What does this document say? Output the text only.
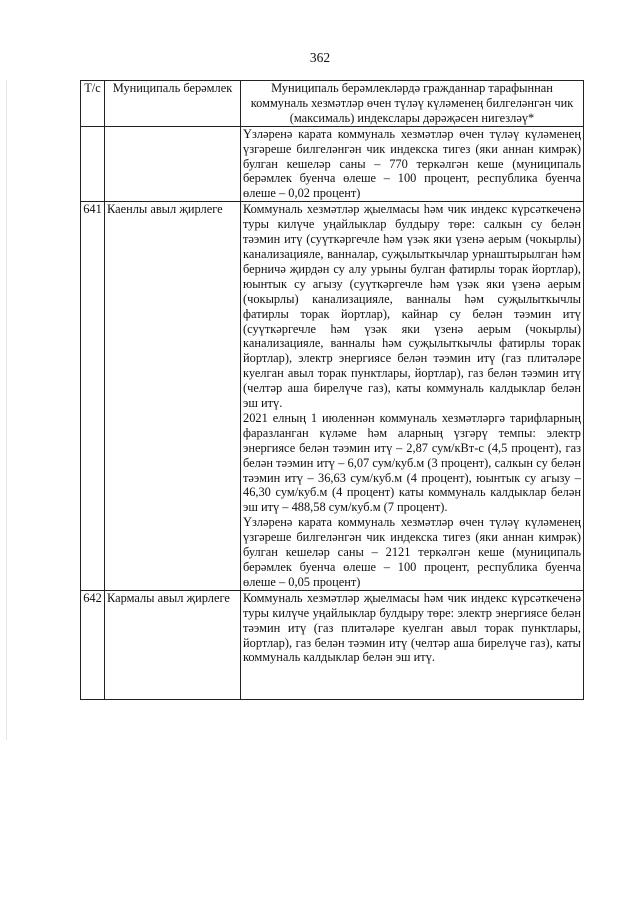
362
Т/с	Муниципаль берәмлек	Муниципаль берәмлекләрдә гражданнар тарафыннан коммуналь хезмәтләр өчен түләү күләменең билгеләнгән чик (максималь) индекслары дәрәҗәсен нигезләү*

		Үзләренә карата коммуналь хезмәтләр өчен түләү күләменең үзгәреше билгеләнгән чик индекска тигез (яки аннан кимрәк) булган кешеләр саны – 770 теркәлгән кеше (муниципаль берәмлек буенча өлеше – 100 процент, республика буенча өлеше – 0,02 процент)

641	Каенлы авыл җирлеге	Коммуналь хезмәтләр җыелмасы һәм чик индекс күрсәткеченә туры килүче уңайлыклар булдыру төре: салкын су белән тәэмин итү (суүткәргечле һәм үзәк яки үзенә аерым (чокырлы) канализацияле, ванналар, суҗылыткычлар урнаштырылган һәм берничә җирдән су алу урыны булган фатирлы торак йортлар), юынтык су агызу (суүткәргечле һәм үзәк яки үзенә аерым (чокырлы) канализацияле, ванналы һәм суҗылыткычлы фатирлы торак йортлар), кайнар су белән тәэмин итү (суүткәргечле һәм үзәк яки үзенә аерым (чокырлы) канализацияле, ванналы һәм суҗылыткычлы фатирлы торак йортлар), электр энергиясе белән тәэмин итү (газ плитәләре куелган авыл торак пунктлары, йортлар), газ белән тәэмин итү (челтәр аша бирелүче газ), каты коммуналь калдыклар белән эш итү.

2021 елның 1 июленнән коммуналь хезмәтләргә тарифларның фаразланган күләме һәм аларның үзгәрү темпы: электр энергиясе белән тәэмин итү – 2,87 сум/кВт-с (4,5 процент), газ белән тәэмин итү – 6,07 сум/куб.м (3 процент), салкын су белән тәэмин итү – 36,63 сум/куб.м (4 процент), юынтык су агызу – 46,30 сум/куб.м (4 процент) каты коммуналь калдыклар белән эш итү – 488,58 сум/куб.м (7 процент).

Үзләренә карата коммуналь хезмәтләр өчен түләү күләменең үзгәреше билгеләнгән чик индекска тигез (яки аннан кимрәк) булган кешеләр саны – 2121 теркәлгән кеше (муниципаль берәмлек буенча өлеше – 100 процент, республика буенча өлеше – 0,05 процент)

642	Кармалы авыл җирлеге	Коммуналь хезмәтләр җыелмасы һәм чик индекс күрсәткеченә туры килүче уңайлыклар булдыру төре: электр энергиясе белән тәэмин итү (газ плитәләре куелган авыл торак пунктлары, йортлар), газ белән тәэмин итү (челтәр аша бирелүче газ), каты коммуналь калдыклар белән эш итү.
